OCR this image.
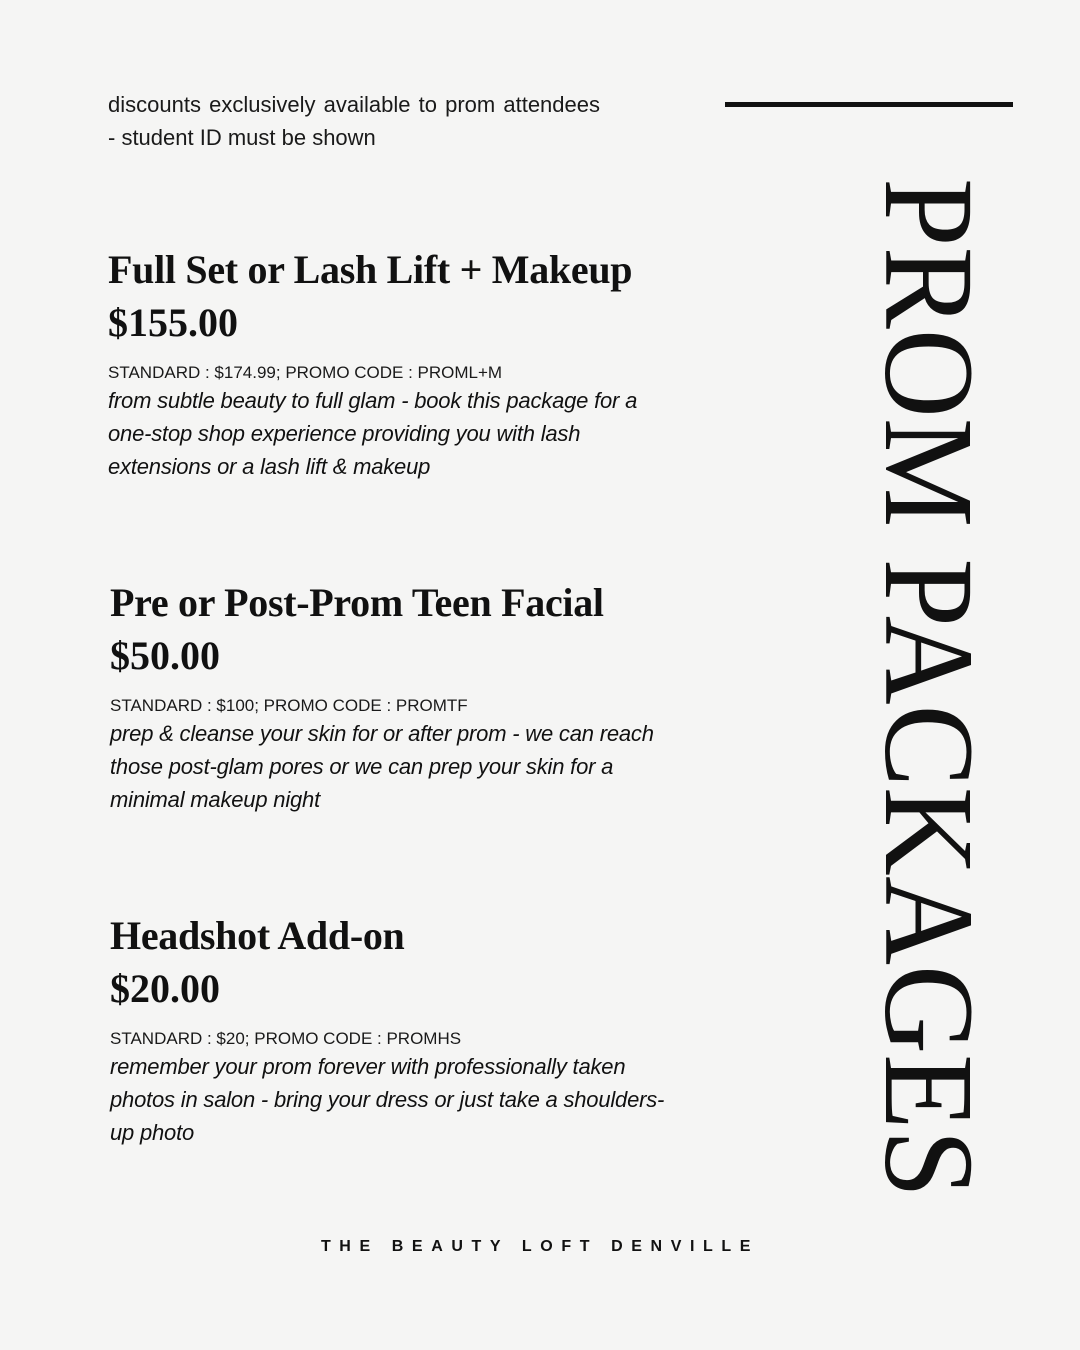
discounts exclusively available to prom attendees - student ID must be shown
Full Set or Lash Lift + Makeup
$155.00
STANDARD : $174.99; PROMO CODE : PROML+M
from subtle beauty to full glam - book this package for a one-stop shop experience providing you with lash extensions or a lash lift & makeup
Pre or Post-Prom Teen Facial
$50.00
STANDARD : $100; PROMO CODE : PROMTF
prep & cleanse your skin for or after prom - we can reach those post-glam pores or we can prep your skin for a minimal makeup night
Headshot Add-on
$20.00
STANDARD : $20; PROMO CODE : PROMHS
remember your prom forever with professionally taken photos in salon - bring your dress or just take a shoulders-up photo	PROM PACKAGES
THE BEAUTY LOFT DENVILLE
